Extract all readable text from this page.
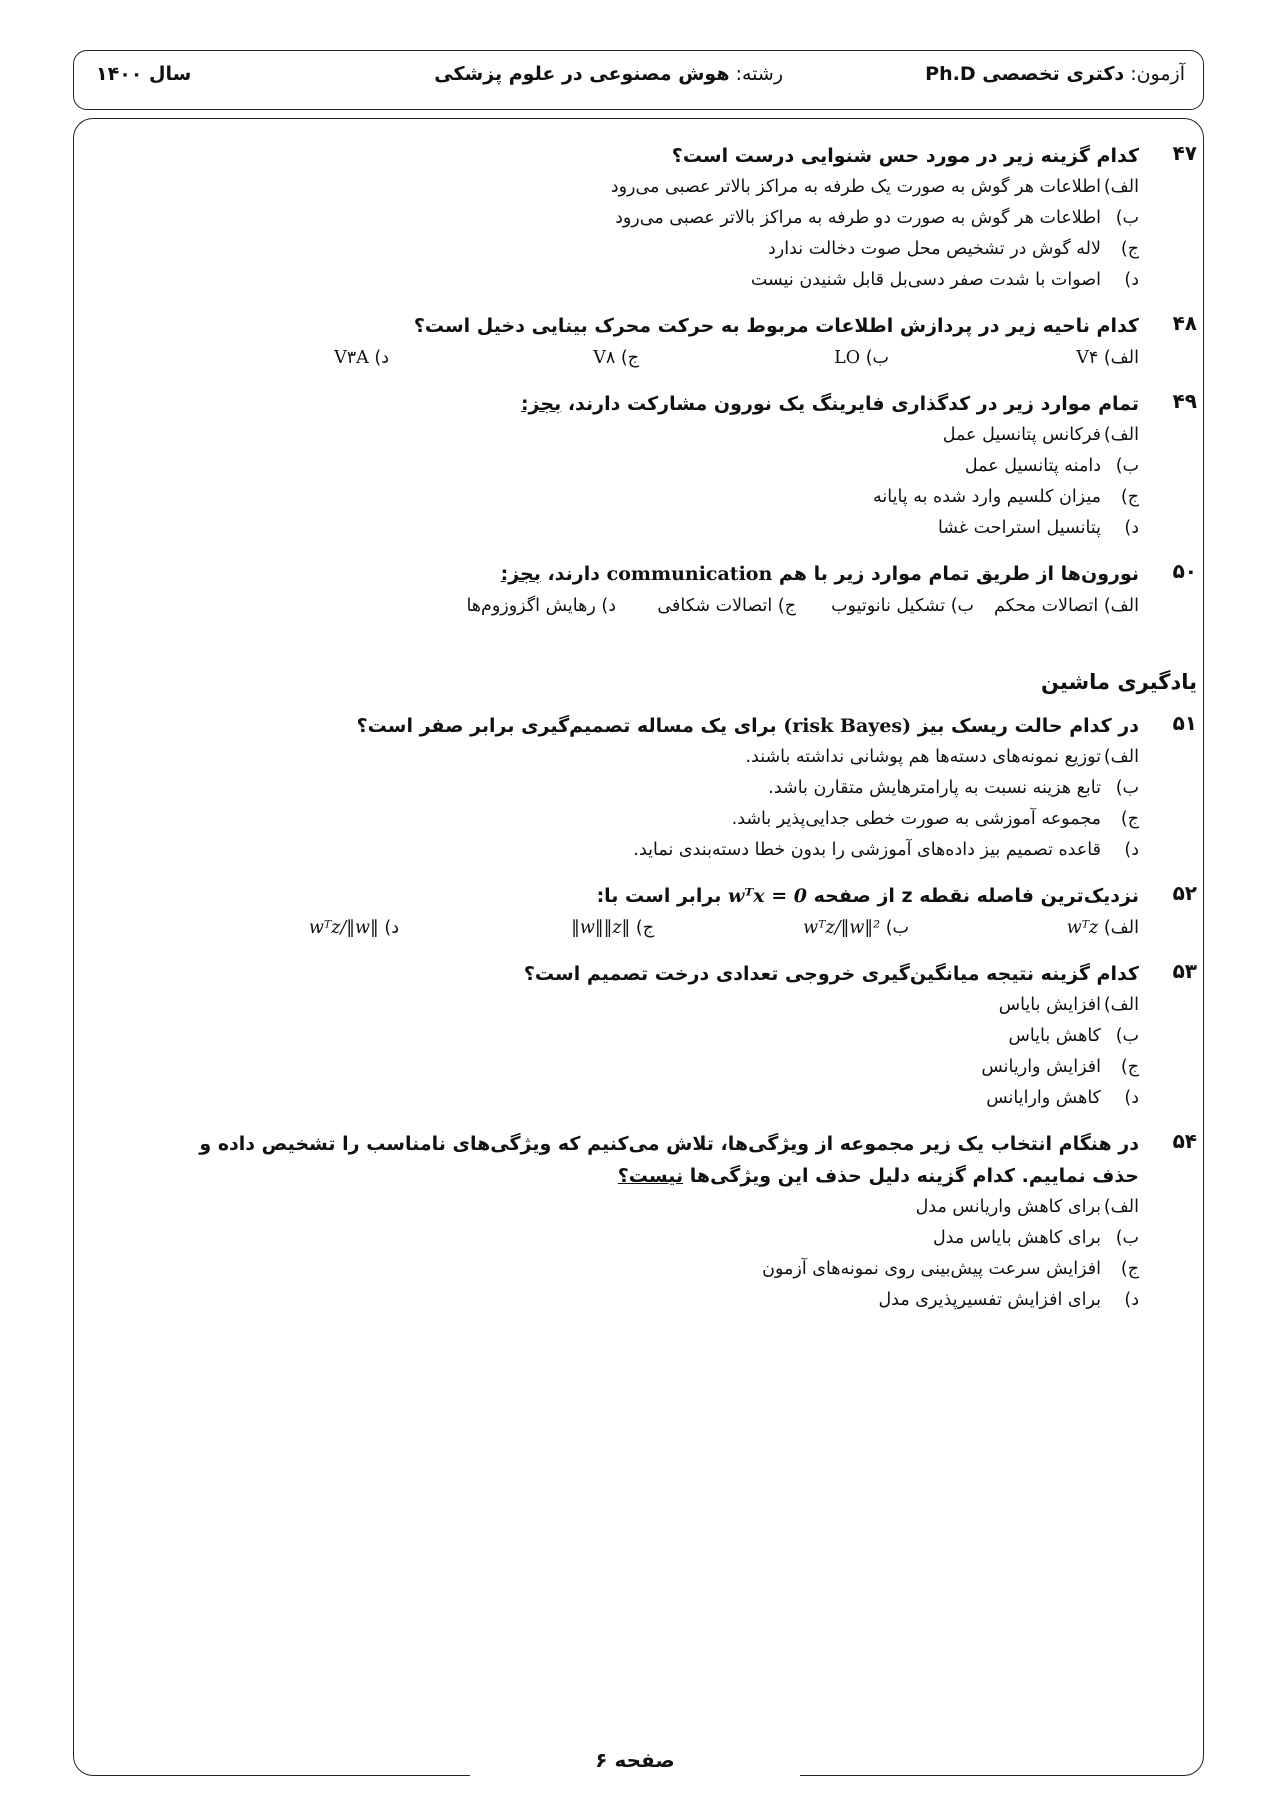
آزمون: دکتری تخصصی Ph.D
رشته: هوش مصنوعی در علوم پزشکی
سال ۱۴۰۰
۴۷
کدام گزینه زیر در مورد حس شنوایی درست است؟
الف)اطلاعات هر گوش به صورت یک طرفه به مراکز بالاتر عصبی می‌رود
ب)اطلاعات هر گوش به صورت دو طرفه به مراکز بالاتر عصبی می‌رود
ج)لاله گوش در تشخیص محل صوت دخالت ندارد
د)اصوات با شدت صفر دسی‌بل قابل شنیدن نیست
۴۸
کدام ناحیه زیر در پردازش اطلاعات مربوط به حرکت محرک بینایی دخیل است؟
الف) V۴
ب) LO
ج) V۸
د) V۳A
۴۹
تمام موارد زیر در کدگذاری فایرینگ یک نورون مشارکت دارند، بجز:
الف)فرکانس پتانسیل عمل
ب)دامنه پتانسیل عمل
ج)میزان کلسیم وارد شده به پایانه
د)پتانسیل استراحت غشا
۵۰
نورون‌ها از طریق تمام موارد زیر با هم communication دارند، بجز:
الف) اتصالات محکم
ب) تشکیل نانوتیوب
ج) اتصالات شکافی
د) رهایش اگزوزوم‌ها
یادگیری ماشین
۵۱
در کدام حالت ریسک بیز (risk Bayes) برای یک مساله تصمیم‌گیری برابر صفر است؟
الف)توزیع نمونه‌های دسته‌ها هم پوشانی نداشته باشند.
ب)تابع هزینه نسبت به پارامترهایش متقارن باشد.
ج)مجموعه آموزشی به صورت خطی جدایی‌پذیر باشد.
د)قاعده تصمیم بیز داده‌های آموزشی را بدون خطا دسته‌بندی نماید.
۵۲
نزدیک‌ترین فاصله نقطه z از صفحه wᵀx = 0 برابر است با:
الف) wᵀz
ب) wᵀz/‖w‖²
ج) ‖w‖‖z‖
د) wᵀz/‖w‖
۵۳
کدام گزینه نتیجه میانگین‌گیری خروجی تعدادی درخت تصمیم است؟
الف)افزایش بایاس
ب)کاهش بایاس
ج)افزایش واریانس
د)کاهش وارایانس
۵۴
در هنگام انتخاب یک زیر مجموعه از ویژگی‌ها، تلاش می‌کنیم که ویژگی‌های نامناسب را تشخیص داده و
حذف نماییم. کدام گزینه دلیل حذف این ویژگی‌ها نیست؟
الف)برای کاهش واریانس مدل
ب)برای کاهش بایاس مدل
ج)افزایش سرعت پیش‌بینی روی نمونه‌های آزمون
د)برای افزایش تفسیرپذیری مدل
صفحه ۶
